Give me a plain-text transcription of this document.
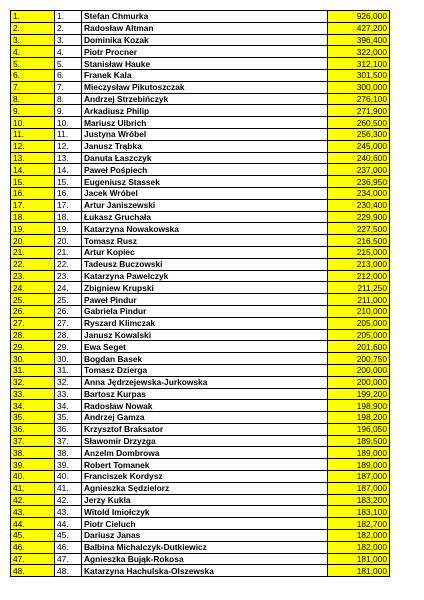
1.	1.	Stefan Chmurka	926,000
2.	2.	Radosław Altman	427,200
3.	3.	Dominika Kozak	396,400
4.	4.	Piotr Procner	322,000
5.	5.	Stanisław Hauke	312,100
6.	6.	Franek Kala	301,500
7.	7.	Mieczysław Pikutoszczak	300,000
8.	8.	Andrzej Strzebińczyk	276,100
9.	9.	Arkadiusz Philip	271,900
10.	10.	Mariusz Ulbrich	260,500
11.	11.	Justyna Wróbel	256,300
12.	12.	Janusz Trąbka	245,000
13.	13.	Danuta Łaszczyk	240,600
14.	14.	Paweł Pośpiech	237,000
15.	15.	Eugeniusz Stassek	236,950
16.	16.	Jacek Wróbel	234,000
17.	17.	Artur Janiszewski	230,400
18.	18.	Łukasz Gruchała	229,900
19.	19.	Katarzyna Nowakowska	227,500
20.	20.	Tomasz Rusz	216,500
21.	21.	Artur Kopiec	215,000
22.	22.	Tadeusz Buczowski	213,000
23.	23.	Katarzyna Pawelczyk	212,000
24.	24.	Zbigniew Krupski	211,250
25.	25.	Paweł Pindur	211,000
26.	26.	Gabriela Pindur	210,000
27.	27.	Ryszard Klimczak	205,000
28.	28.	Janusz Kowalski	205,000
29.	29.	Ewa Seget	201,600
30.	30.	Bogdan Basek	200,750
31.	31.	Tomasz Dzierga	200,000
32.	32.	Anna Jędrzejewska-Jurkowska	200,000
33.	33.	Bartosz Kurpas	199,200
34.	34.	Radosław Nowak	198,900
35.	35.	Andrzej Gamza	198,200
36.	36.	Krzysztof Braksator	196,050
37.	37.	Sławomir Drzyzga	189,500
38.	38.	Anzelm Dombrowa	189,000
39.	39.	Robert Tomanek	189,000
40.	40.	Franciszek Kordysz	187,000
41.	41.	Agnieszka Sędzielorz	187,000
42.	42.	Jerzy Kukla	183,200
43.	43.	Witold Imiołczyk	183,100
44.	44.	Piotr Cieluch	182,700
45.	45.	Dariusz Janas	182,000
46.	46.	Balbina Michalczyk-Dutkiewicz	182,000
47.	47.	Agnieszka Bująk-Rokosa	181,000
48.	48.	Katarzyna Hachulska-Olszewska	181,000
